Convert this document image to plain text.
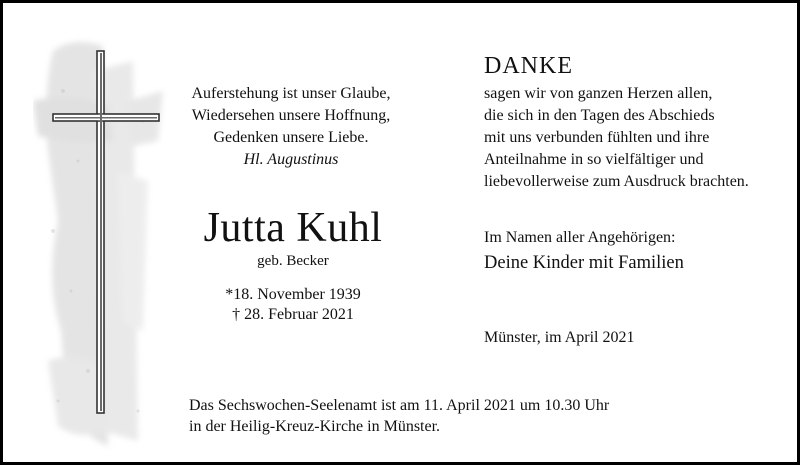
Auferstehung ist unser Glaube,
Wiedersehen unsere Hoffnung,
Gedenken unsere Liebe.
Hl. Augustinus
Jutta Kuhl
geb. Becker
*18. November 1939
† 28. Februar 2021
DANKE
sagen wir von ganzen Herzen allen,
die sich in den Tagen des Abschieds
mit uns verbunden fühlten und ihre
Anteilnahme in so vielfältiger und
liebevollerweise zum Ausdruck brachten.
Im Namen aller Angehörigen:
Deine Kinder mit Familien
Münster, im April 2021
Das Sechswochen-Seelenamt ist am 11. April 2021 um 10.30 Uhr
in der Heilig-Kreuz-Kirche in Münster.
